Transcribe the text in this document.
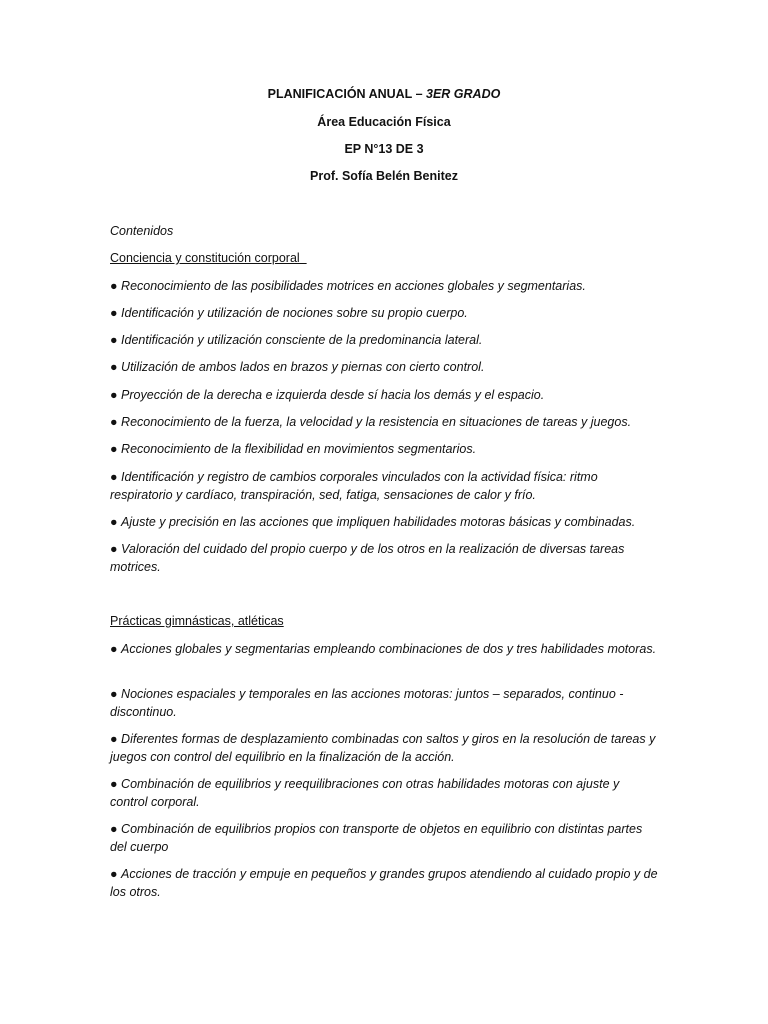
PLANIFICACIÓN ANUAL – 3ER GRADO
Área Educación Física
EP N°13 DE 3
Prof. Sofía Belén Benitez
Contenidos
Conciencia y constitución corporal
● Reconocimiento de las posibilidades motrices en acciones globales y segmentarias.
● Identificación y utilización de nociones sobre su propio cuerpo.
● Identificación y utilización consciente de la predominancia lateral.
● Utilización de ambos lados en brazos y piernas con cierto control.
● Proyección de la derecha e izquierda desde sí hacia los demás y el espacio.
● Reconocimiento de la fuerza, la velocidad y la resistencia en situaciones de tareas y juegos.
● Reconocimiento de la flexibilidad en movimientos segmentarios.
● Identificación y registro de cambios corporales vinculados con la actividad física: ritmo respiratorio y cardíaco, transpiración, sed, fatiga, sensaciones de calor y frío.
● Ajuste y precisión en las acciones que impliquen habilidades motoras básicas y combinadas.
● Valoración del cuidado del propio cuerpo y de los otros en la realización de diversas tareas motrices.
Prácticas gimnásticas, atléticas
● Acciones globales y segmentarias empleando combinaciones de dos y tres habilidades motoras.
● Nociones espaciales y temporales en las acciones motoras: juntos – separados, continuo - discontinuo.
● Diferentes formas de desplazamiento combinadas con saltos y giros en la resolución de tareas y juegos con control del equilibrio en la finalización de la acción.
● Combinación de equilibrios y reequilibraciones con otras habilidades motoras con ajuste y control corporal.
● Combinación de equilibrios propios con transporte de objetos en equilibrio con distintas partes del cuerpo
● Acciones de tracción y empuje en pequeños y grandes grupos atendiendo al cuidado propio y de los otros.
